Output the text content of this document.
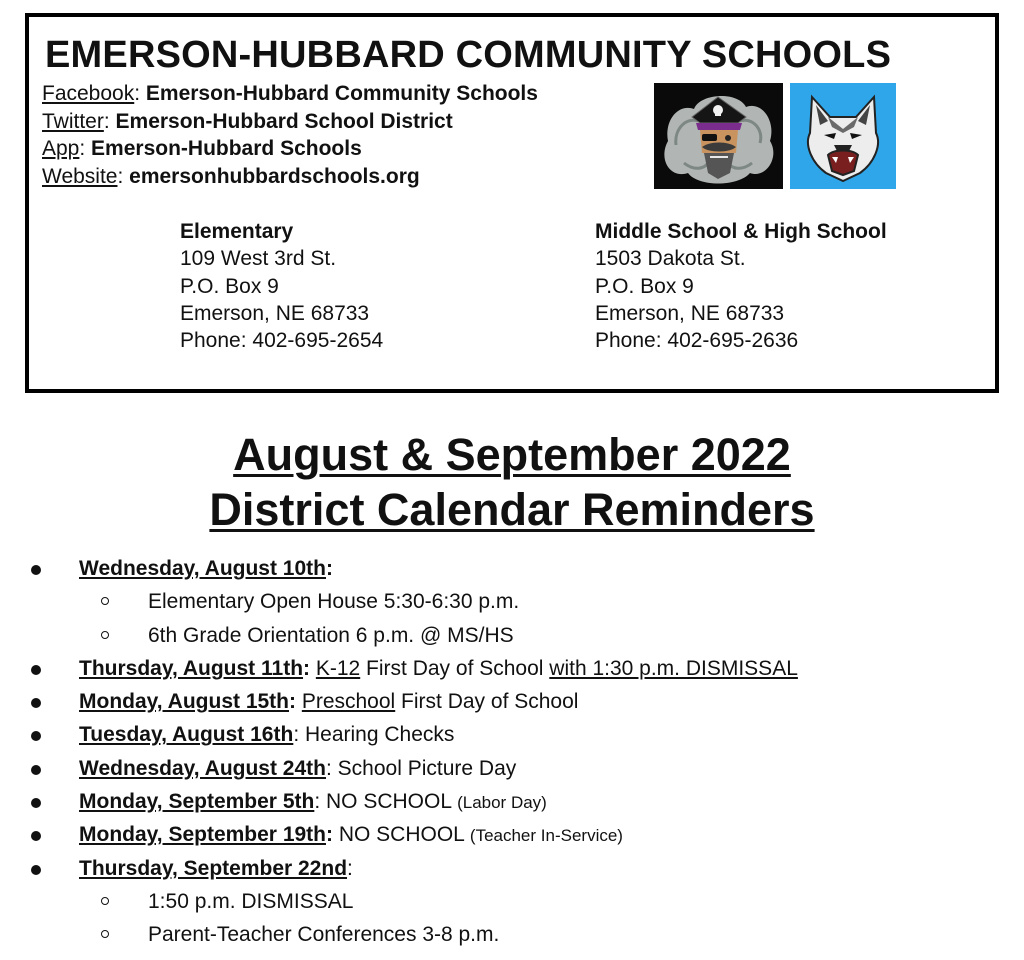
EMERSON-HUBBARD COMMUNITY SCHOOLS
Facebook: Emerson-Hubbard Community Schools
Twitter: Emerson-Hubbard School District
App: Emerson-Hubbard Schools
Website: emersonhubbardschools.org
Elementary
109 West 3rd St.
P.O. Box 9
Emerson, NE 68733
Phone: 402-695-2654
Middle School & High School
1503 Dakota St.
P.O. Box 9
Emerson, NE 68733
Phone: 402-695-2636
August & September 2022
District Calendar Reminders
Wednesday, August 10th:
Elementary Open House 5:30-6:30 p.m.
6th Grade Orientation 6 p.m. @ MS/HS
Thursday, August 11th: K-12 First Day of School with 1:30 p.m. DISMISSAL
Monday, August 15th: Preschool First Day of School
Tuesday, August 16th: Hearing Checks
Wednesday, August 24th: School Picture Day
Monday, September 5th: NO SCHOOL (Labor Day)
Monday, September 19th: NO SCHOOL (Teacher In-Service)
Thursday, September 22nd:
1:50 p.m. DISMISSAL
Parent-Teacher Conferences 3-8 p.m.
